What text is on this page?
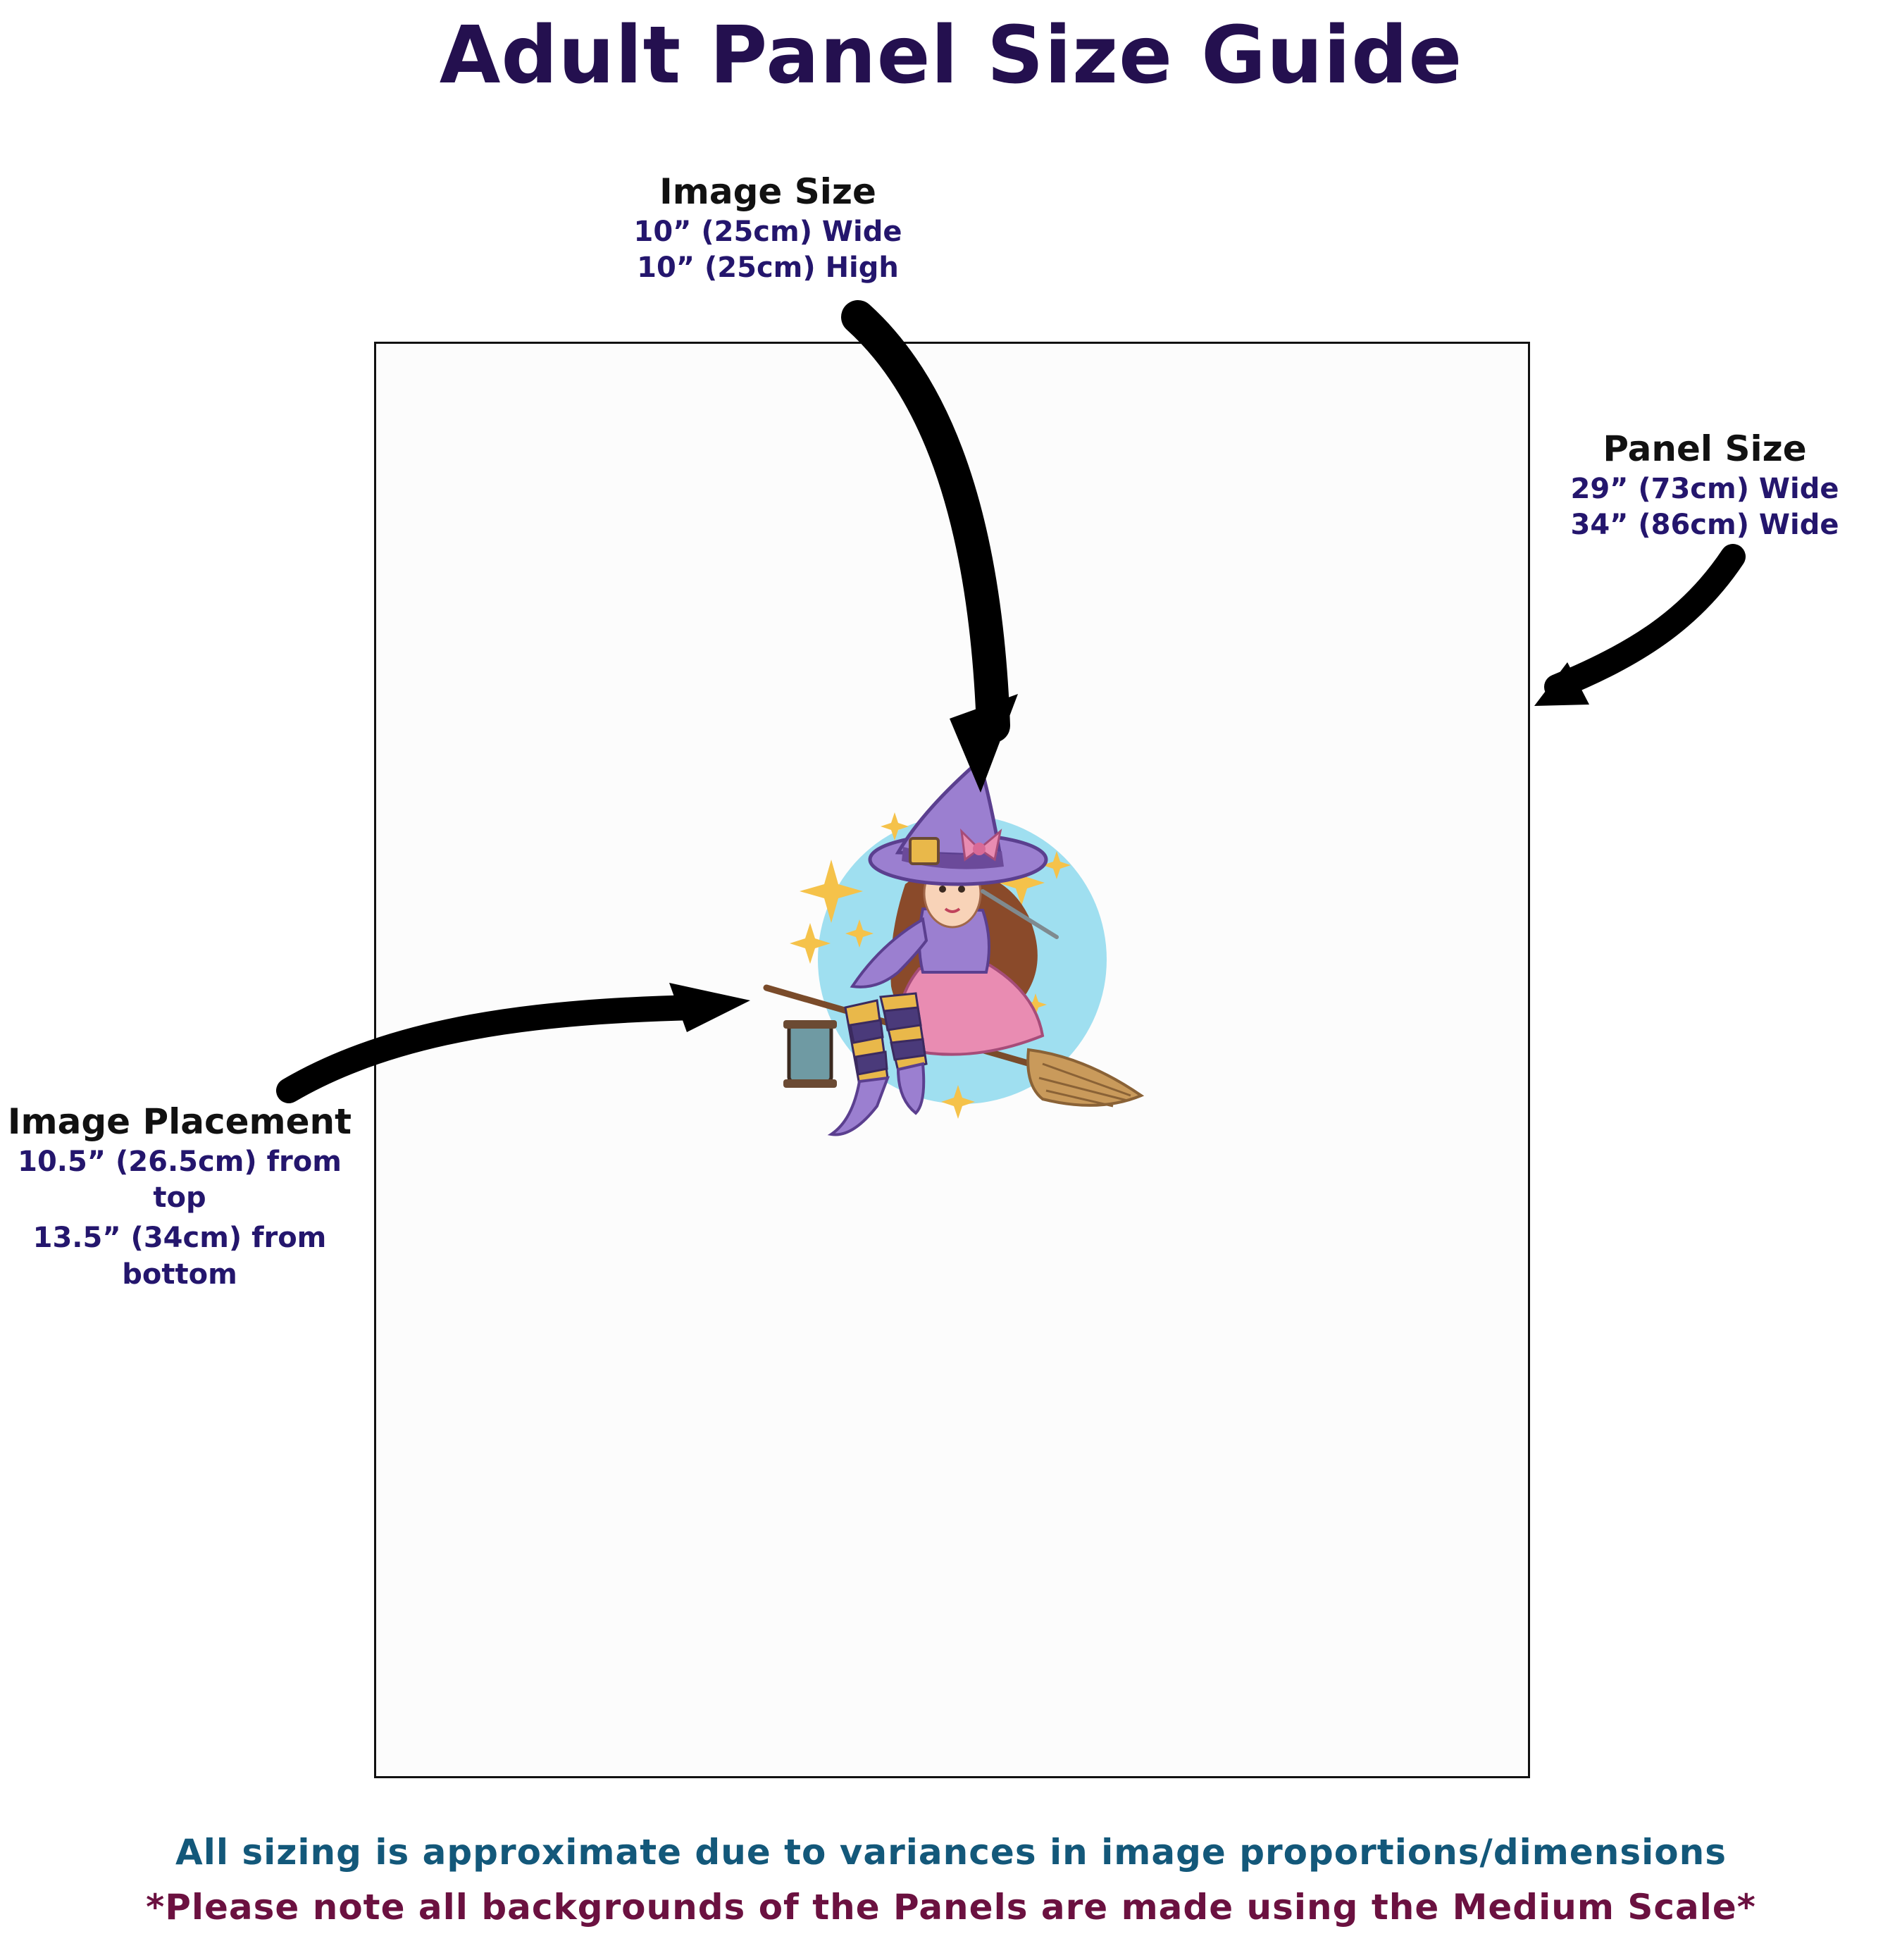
Adult Panel Size Guide
Image Size
10” (25cm) Wide
10” (25cm) High
Panel Size
29” (73cm) Wide
34” (86cm) Wide
Image Placement
10.5” (26.5cm) from
top
13.5” (34cm) from
bottom
All sizing is approximate due to variances in image proportions/dimensions
*Please note all backgrounds of the Panels are made using the Medium Scale*
